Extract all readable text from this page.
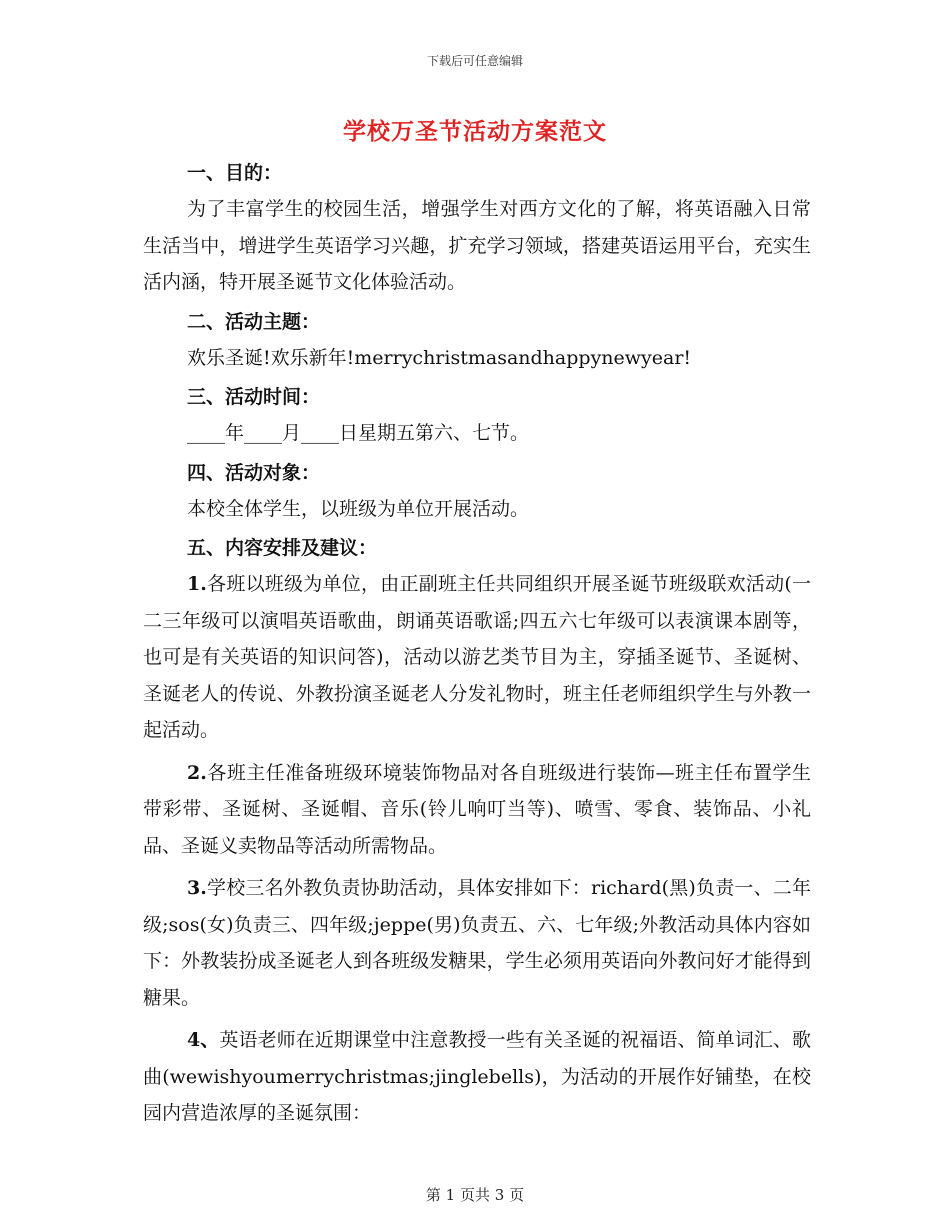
下载后可任意编辑
学校万圣节活动方案范文
一、目的：
为了丰富学生的校园生活，增强学生对西方文化的了解，将英语融入日常生活当中，增进学生英语学习兴趣，扩充学习领域，搭建英语运用平台，充实生活内涵，特开展圣诞节文化体验活动。
二、活动主题：
欢乐圣诞!欢乐新年!merrychristmasandhappynewyear!
三、活动时间：
____年____月____日星期五第六、七节。
四、活动对象：
本校全体学生，以班级为单位开展活动。
五、内容安排及建议：
1.各班以班级为单位，由正副班主任共同组织开展圣诞节班级联欢活动(一二三年级可以演唱英语歌曲，朗诵英语歌谣;四五六七年级可以表演课本剧等，也可是有关英语的知识问答)，活动以游艺类节目为主，穿插圣诞节、圣诞树、圣诞老人的传说、外教扮演圣诞老人分发礼物时，班主任老师组织学生与外教一起活动。
2.各班主任准备班级环境装饰物品对各自班级进行装饰—班主任布置学生带彩带、圣诞树、圣诞帽、音乐(铃儿响叮当等)、喷雪、零食、装饰品、小礼品、圣诞义卖物品等活动所需物品。
3.学校三名外教负责协助活动，具体安排如下：richard(黑)负责一、二年级;sos(女)负责三、四年级;jeppe(男)负责五、六、七年级;外教活动具体内容如下：外教装扮成圣诞老人到各班级发糖果，学生必须用英语向外教问好才能得到糖果。
4、英语老师在近期课堂中注意教授一些有关圣诞的祝福语、简单词汇、歌曲(wewishyoumerrychristmas;jinglebells)，为活动的开展作好铺垫，在校园内营造浓厚的圣诞氛围：
第 1 页共 3 页
